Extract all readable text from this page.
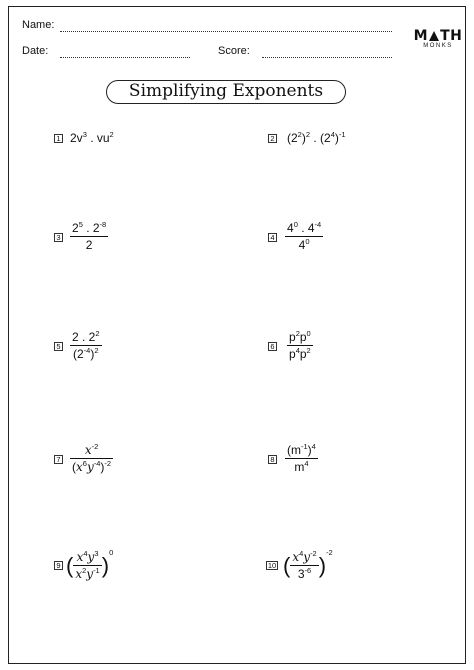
Name:
Date:	Score:
M TH
MONKS
Simplifying Exponents
1	2
3	4
5	6
7	8
9	10
$2v^3$ . $vu^2$	$(2^2)^2$ . $(2^4)^{-1}$
$\frac{2^5 . 2^{-8}}{2}$	$\frac{4^0 . 4^{-4}}{4^0}$
$\frac{2 . 2^2}{(2^{-4})^2}$	$\frac{p^2p^0}{p^4p^2}$
$\frac{x^{-2}}{(x^6y^{-4})^{-2}}$	$\frac{(m^{-1})^4}{m^4}$
( $\frac{x^4y^3}{x^2y^{-1}} )^0$
( $\frac{x^4y^{-2}}{3^{-6}} )^{-2}$
